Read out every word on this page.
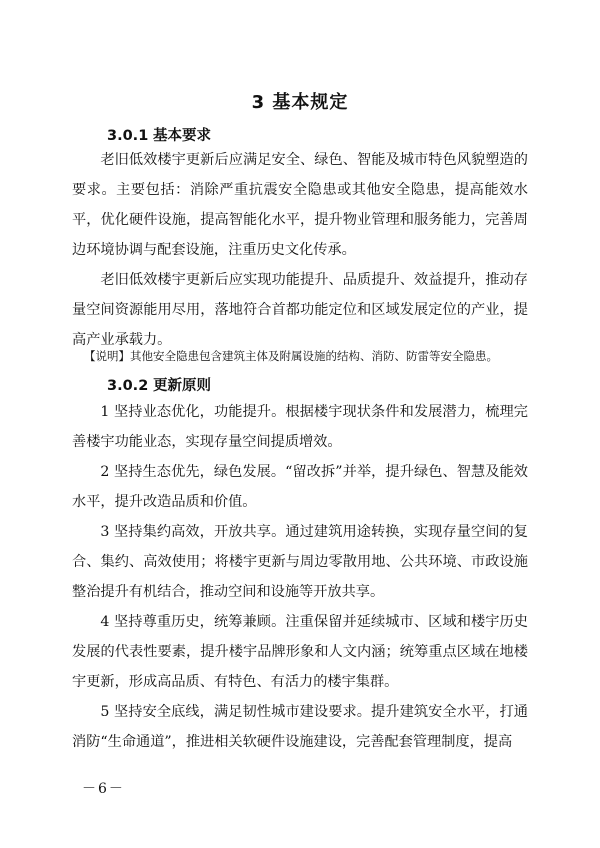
3 基本规定
3.0.1 基本要求

老旧低效楼宇更新后应满足安全、绿色、智能及城市特色风貌塑造的要求。主要包括：消除严重抗震安全隐患或其他安全隐患，提高能效水平，优化硬件设施，提高智能化水平，提升物业管理和服务能力，完善周边环境协调与配套设施，注重历史文化传承。

老旧低效楼宇更新后应实现功能提升、品质提升、效益提升，推动存量空间资源能用尽用，落地符合首都功能定位和区域发展定位的产业，提高产业承载力。

【说明】其他安全隐患包含建筑主体及附属设施的结构、消防、防雷等安全隐患。
3.0.2 更新原则

1 坚持业态优化，功能提升。根据楼宇现状条件和发展潜力，梳理完善楼宇功能业态，实现存量空间提质增效。

2 坚持生态优先，绿色发展。“留改拆”并举，提升绿色、智慧及能效水平，提升改造品质和价值。

3 坚持集约高效，开放共享。通过建筑用途转换，实现存量空间的复合、集约、高效使用；将楼宇更新与周边零散用地、公共环境、市政设施整治提升有机结合，推动空间和设施等开放共享。

4 坚持尊重历史，统筹兼顾。注重保留并延续城市、区域和楼宇历史发展的代表性要素，提升楼宇品牌形象和人文内涵；统筹重点区域在地楼宇更新，形成高品质、有特色、有活力的楼宇集群。

5 坚持安全底线，满足韧性城市建设要求。提升建筑安全水平，打通消防“生命通道”，推进相关软硬件设施建设，完善配套管理制度，提高

－6－
